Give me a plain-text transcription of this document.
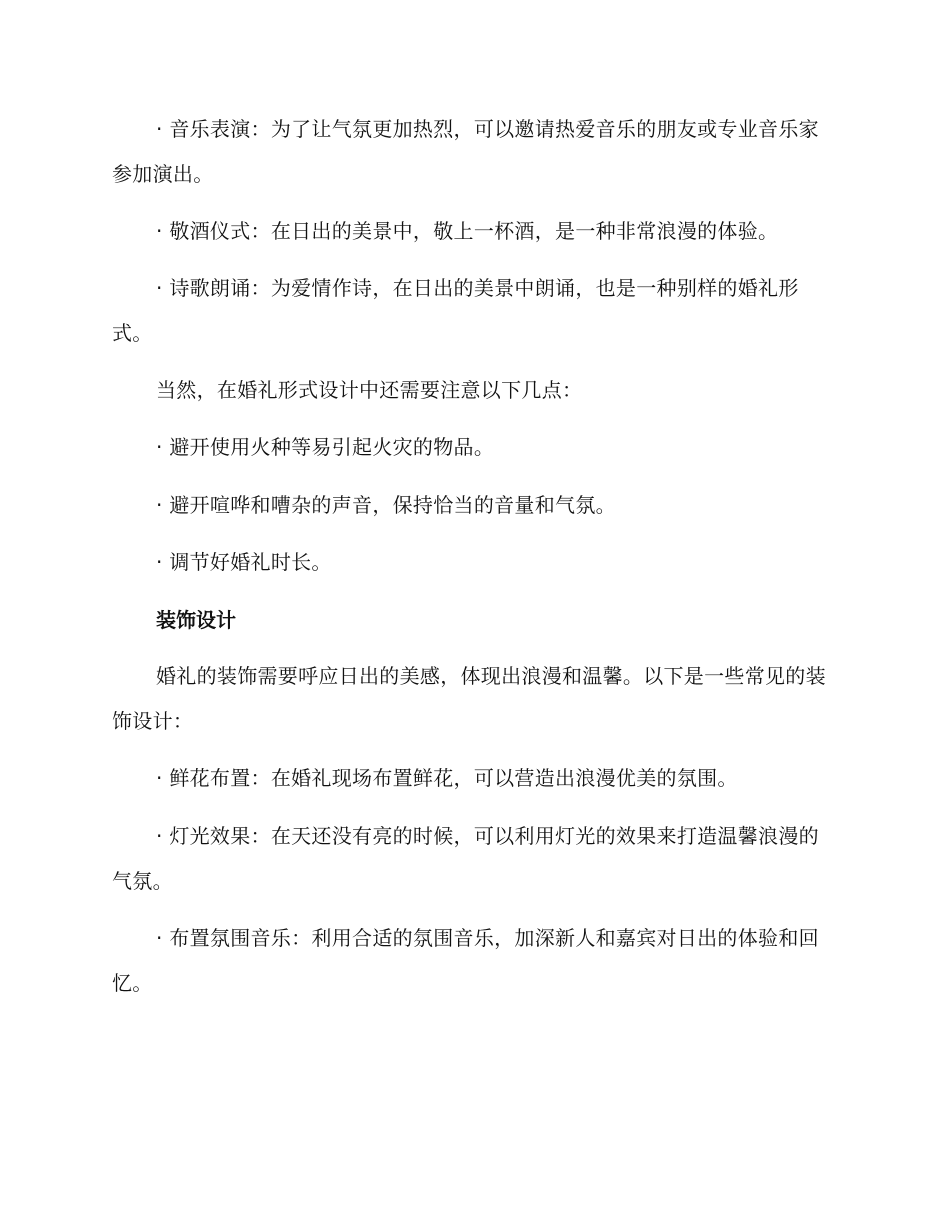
· 音乐表演：为了让气氛更加热烈，可以邀请热爱音乐的朋友或专业音乐家参加演出。

· 敬酒仪式：在日出的美景中，敬上一杯酒，是一种非常浪漫的体验。

· 诗歌朗诵：为爱情作诗，在日出的美景中朗诵，也是一种别样的婚礼形式。

当然，在婚礼形式设计中还需要注意以下几点：

· 避开使用火种等易引起火灾的物品。

· 避开喧哗和嘈杂的声音，保持恰当的音量和气氛。

· 调节好婚礼时长。

装饰设计

婚礼的装饰需要呼应日出的美感，体现出浪漫和温馨。以下是一些常见的装饰设计：

· 鲜花布置：在婚礼现场布置鲜花，可以营造出浪漫优美的氛围。

· 灯光效果：在天还没有亮的时候，可以利用灯光的效果来打造温馨浪漫的气氛。

· 布置氛围音乐：利用合适的氛围音乐，加深新人和嘉宾对日出的体验和回忆。
